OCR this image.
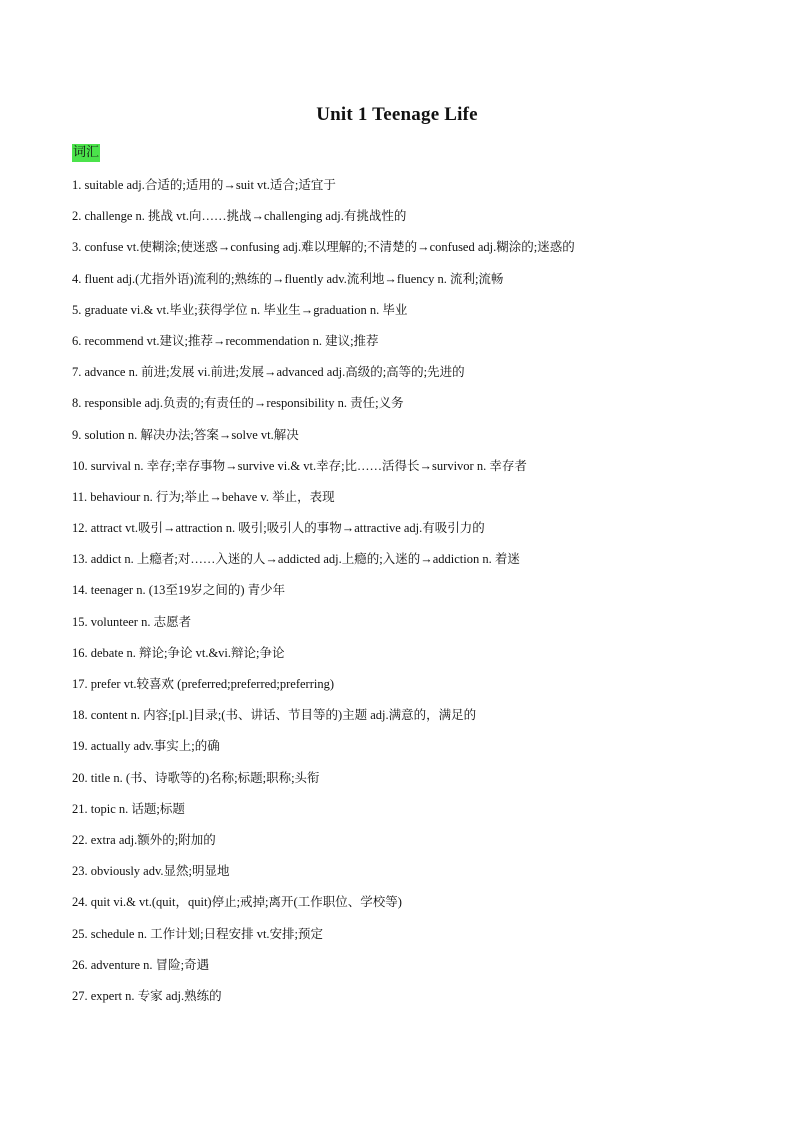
Unit 1 Teenage Life
词汇
1. suitable adj.合适的;适用的→suit vt.适合;适宜于
2. challenge n. 挑战 vt.向……挑战→challenging adj.有挑战性的
3. confuse vt.使糊涂;使迷惑→confusing adj.难以理解的;不清楚的→confused adj.糊涂的;迷惑的
4. fluent adj.(尤指外语)流利的;熟练的→fluently adv.流利地→fluency n. 流利;流畅
5. graduate vi.& vt.毕业;获得学位 n. 毕业生→graduation n. 毕业
6. recommend vt.建议;推荐→recommendation n. 建议;推荐
7. advance n. 前进;发展 vi.前进;发展→advanced adj.高级的;高等的;先进的
8. responsible adj.负责的;有责任的→responsibility n. 责任;义务
9. solution n. 解决办法;答案→solve vt.解决
10. survival n. 幸存;幸存事物→survive vi.& vt.幸存;比……活得长→survivor n. 幸存者
11. behaviour n. 行为;举止→behave v. 举止，表现
12. attract vt.吸引→attraction n. 吸引;吸引人的事物→attractive adj.有吸引力的
13. addict n. 上瘾者;对……入迷的人→addicted adj.上瘾的;入迷的→addiction n. 着迷
14. teenager n. (13至19岁之间的) 青少年
15. volunteer n. 志愿者
16. debate n. 辩论;争论 vt.&vi.辩论;争论
17. prefer vt.较喜欢 (preferred;preferred;preferring)
18. content n. 内容;[pl.]目录;(书、讲话、节目等的)主题 adj.满意的，满足的
19. actually adv.事实上;的确
20. title n. (书、诗歌等的)名称;标题;职称;头衔
21. topic n. 话题;标题
22. extra adj.额外的;附加的
23. obviously adv.显然;明显地
24. quit vi.& vt.(quit，quit)停止;戒掉;离开(工作职位、学校等)
25. schedule n. 工作计划;日程安排 vt.安排;预定
26. adventure n. 冒险;奇遇
27. expert n. 专家 adj.熟练的
